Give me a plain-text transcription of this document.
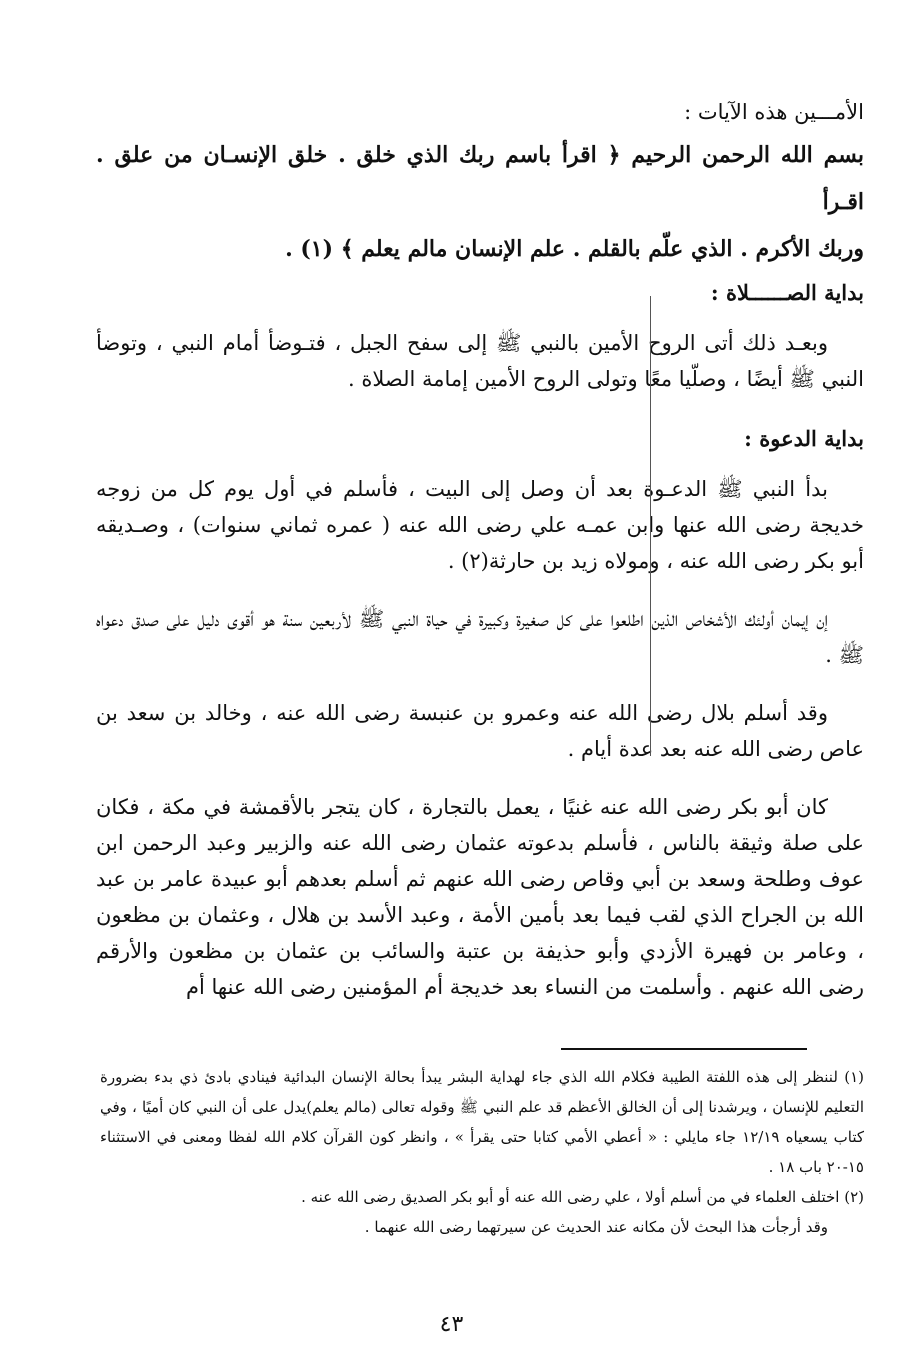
الأمـــين هذه الآيات :

بسم الله الرحمن الرحيم ﴿ اقرأ باسم ربك الذي خلق . خلق الإنسـان من علق . اقـرأ

وربك الأكرم . الذي علّم بالقلم . علم الإنسان مالم يعلم ﴾ (١) .

بداية الصــــــلاة :

وبعـد ذلك أتى الروح الأمين بالنبي ﷺ إلى سفح الجبل ، فتـوضأ أمام النبي ، وتوضأ النبي ﷺ أيضًا ، وصلّيا معًا وتولى الروح الأمين إمامة الصلاة .

بداية الدعوة :

بدأ النبي ﷺ الدعـوة بعد أن وصل إلى البيت ، فأسلم في أول يوم كل من زوجه خديجة رضى الله عنها وابن عمـه علي رضى الله عنه ( عمره ثماني سنوات) ، وصـديقه أبو بكر رضى الله عنه ، ومولاه زيد بن حارثة(٢) .

إن إيمان أولئك الأشخاص الذين اطلعوا على كل صغيرة وكبيرة في حياة النبي ﷺ لأربعين سنة هو أقوى دليل على صدق دعواه ﷺ .

وقد أسلم بلال رضى الله عنه وعمرو بن عنبسة رضى الله عنه ، وخالد بن سعد بن عاص رضى الله عنه بعد عدة أيام .

كان أبو بكر رضى الله عنه غنيًا ، يعمل بالتجارة ، كان يتجر بالأقمشة في مكة ، فكان على صلة وثيقة بالناس ، فأسلم بدعوته عثمان رضى الله عنه والزبير وعبد الرحمن ابن عوف وطلحة وسعد بن أبي وقاص رضى الله عنهم ثم أسلم بعدهم أبو عبيدة عامر بن عبد الله بن الجراح الذي لقب فيما بعد بأمين الأمة ، وعبد الأسد بن هلال ، وعثمان بن مظعون ، وعامر بن فهيرة الأزدي وأبو حذيفة بن عتبة والسائب بن عثمان بن مظعون والأرقم رضى الله عنهم . وأسلمت من النساء بعد خديجة أم المؤمنين رضى الله عنها أم

(١) لننظر إلى هذه اللفتة الطيبة فكلام الله الذي جاء لهداية البشر يبدأ بحالة الإنسان البدائية فينادي بادئ ذي بدء بضرورة التعليم للإنسان ، ويرشدنا إلى أن الخالق الأعظم قد علم النبي ﷺ وقوله تعالى (مالم يعلم)يدل على أن النبي كان أميًا ، وفي كتاب يسعياه ١٢/١٩ جاء مايلي : « أعطي الأمي كتابا حتى يقرأ » ، وانظر كون القرآن كلام الله لفظا ومعنى في الاستثناء ١٥-٢٠ باب ١٨ .

(٢) اختلف العلماء في من أسلم أولا ، علي رضى الله عنه أو أبو بكر الصديق رضى الله عنه .

وقد أرجأت هذا البحث لأن مكانه عند الحديث عن سيرتهما رضى الله عنهما .

٤٣
